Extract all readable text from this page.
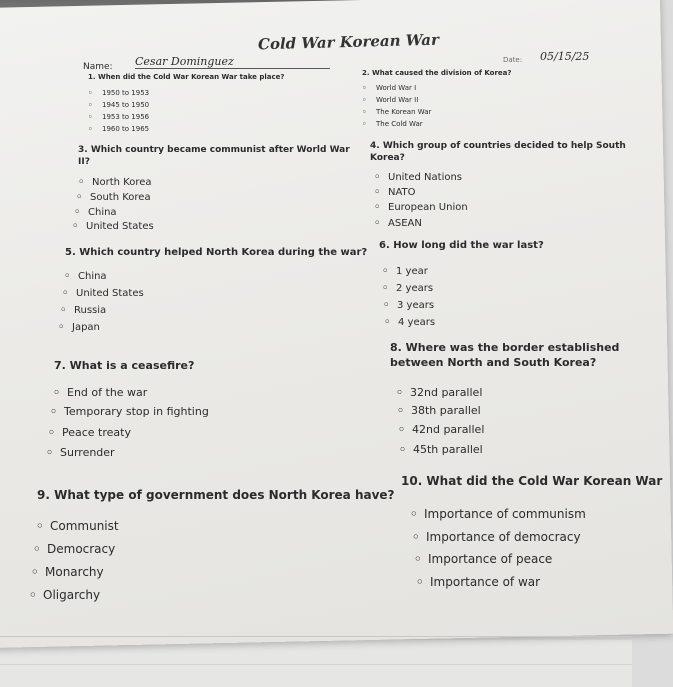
Cold War Korean War
Name: Cesar Dominguez	Date: 05/15/25
1. When did the Cold War Korean War take place?
◦ 1950 to 1953
◦ 1945 to 1950
◦ 1953 to 1956
◦ 1960 to 1965
2. What caused the division of Korea?
◦ World War I
◦ World War II
◦ The Korean War
◦ The Cold War
3. Which country became communist after World War II?
◦ North Korea
◦ South Korea
◦ China
◦ United States
4. Which group of countries decided to help South Korea?
◦ United Nations
◦ NATO
◦ European Union
◦ ASEAN
5. Which country helped North Korea during the war?
◦ China
◦ United States
◦ Russia
◦ Japan
6. How long did the war last?
◦ 1 year
◦ 2 years
◦ 3 years
◦ 4 years
7. What is a ceasefire?
◦ End of the war
◦ Temporary stop in fighting
◦ Peace treaty
◦ Surrender
8. Where was the border established between North and South Korea?
◦ 32nd parallel
◦ 38th parallel
◦ 42nd parallel
◦ 45th parallel
9. What type of government does North Korea have?
◦ Communist
◦ Democracy
◦ Monarchy
◦ Oligarchy
10. What did the Cold War Korean War
◦ Importance of communism
◦ Importance of democracy
◦ Importance of peace
◦ Importance of war
